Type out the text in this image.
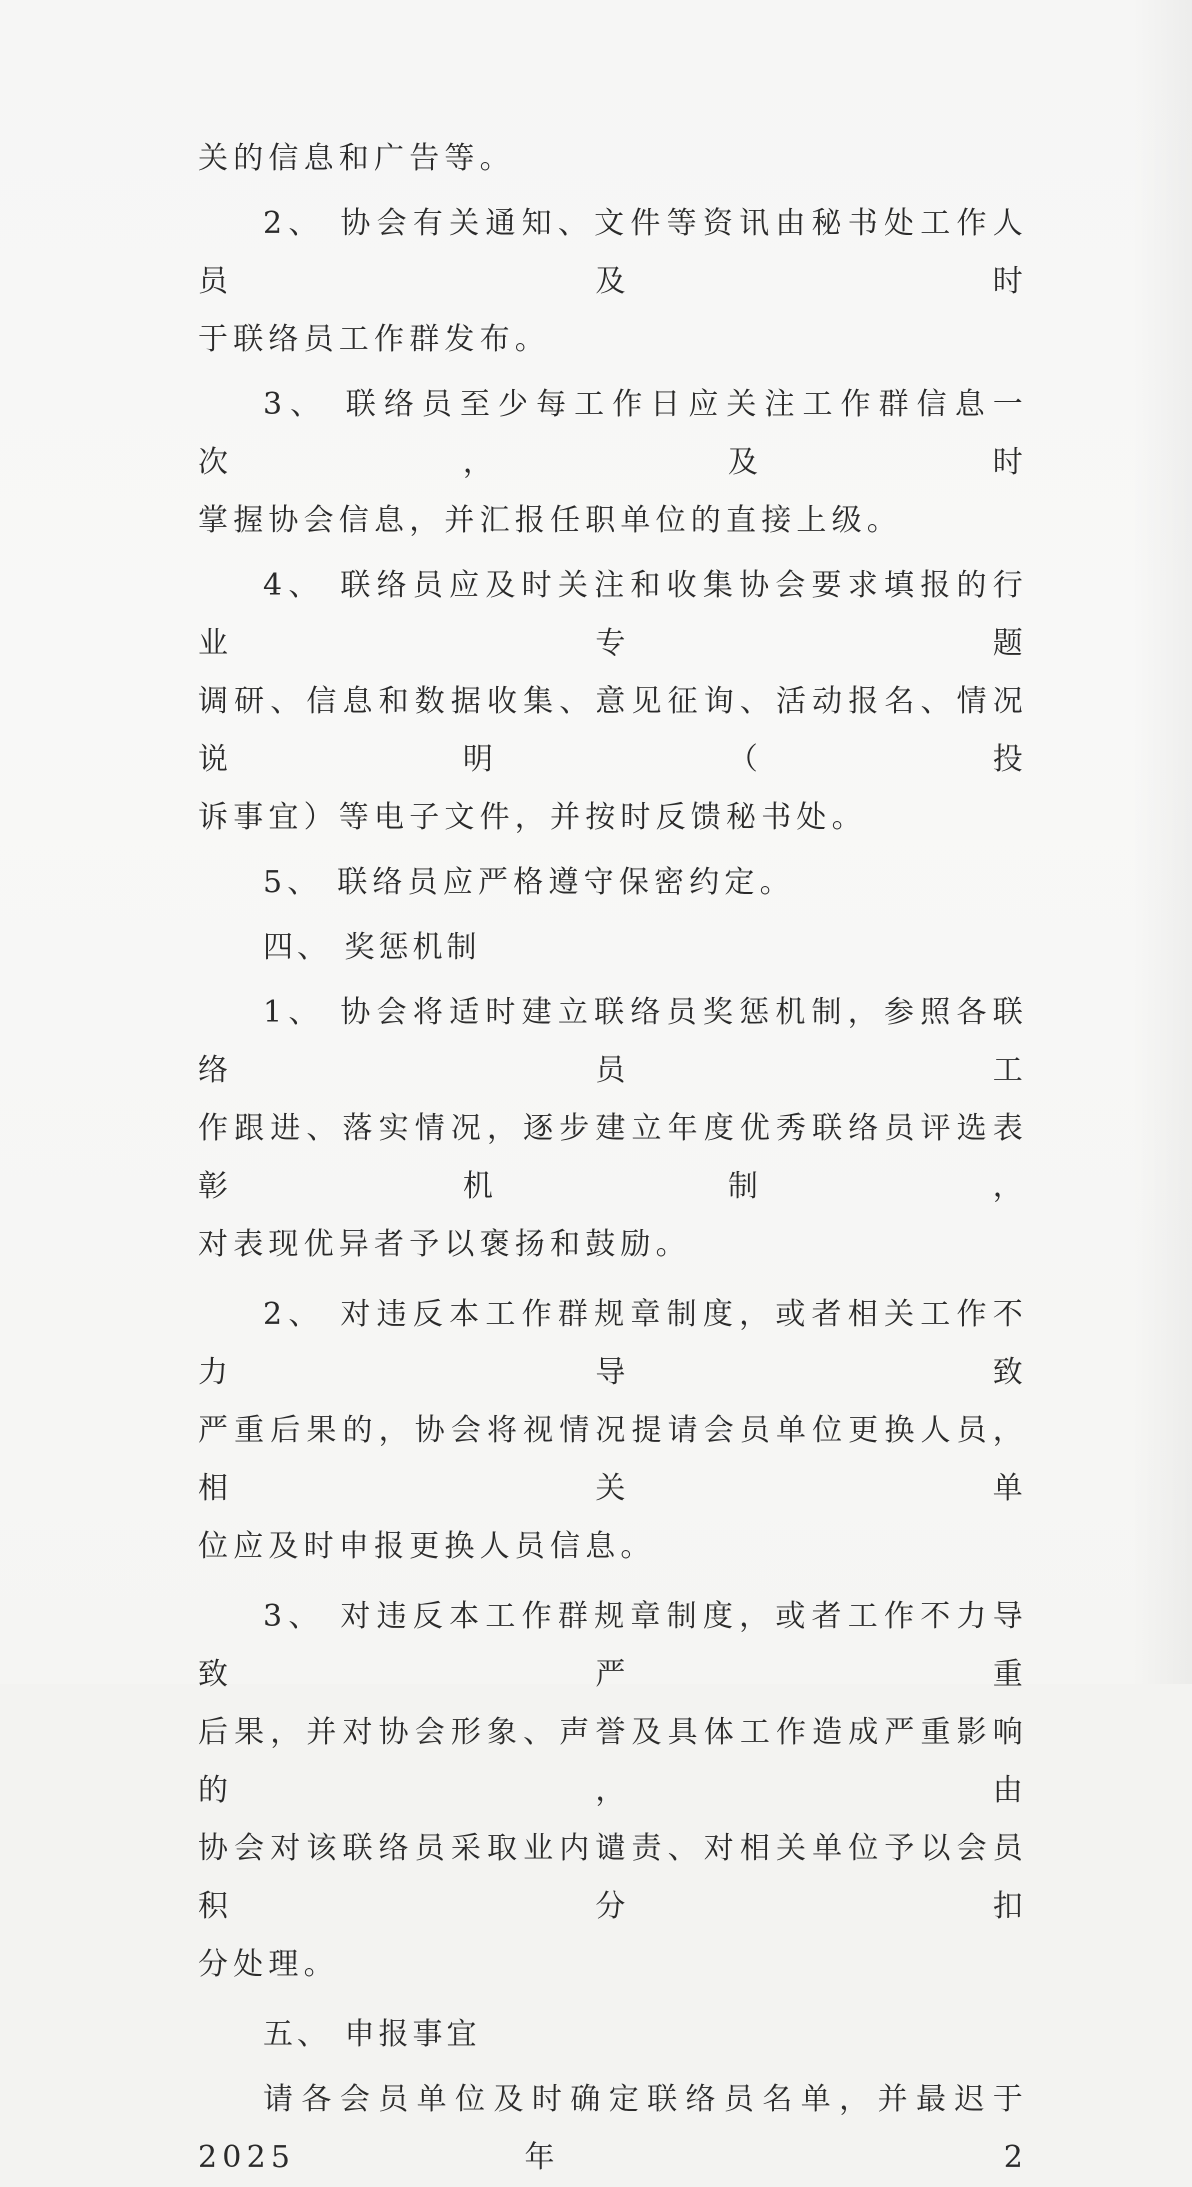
关的信息和广告等。

2、 协会有关通知、文件等资讯由秘书处工作人员及时

于联络员工作群发布。

3、 联络员至少每工作日应关注工作群信息一次，及时

掌握协会信息，并汇报任职单位的直接上级。

4、 联络员应及时关注和收集协会要求填报的行业专题

调研、信息和数据收集、意见征询、活动报名、情况说明（投

诉事宜）等电子文件，并按时反馈秘书处。

5、 联络员应严格遵守保密约定。

四、 奖惩机制

1、 协会将适时建立联络员奖惩机制，参照各联络员工

作跟进、落实情况，逐步建立年度优秀联络员评选表彰机制，

对表现优异者予以褒扬和鼓励。

2、 对违反本工作群规章制度，或者相关工作不力导致

严重后果的，协会将视情况提请会员单位更换人员，相关单

位应及时申报更换人员信息。

3、 对违反本工作群规章制度，或者工作不力导致严重

后果，并对协会形象、声誉及具体工作造成严重影响的，由

协会对该联络员采取业内谴责、对相关单位予以会员积分扣

分处理。

五、 申报事宜

请各会员单位及时确定联络员名单，并最迟于 2025 年 2
